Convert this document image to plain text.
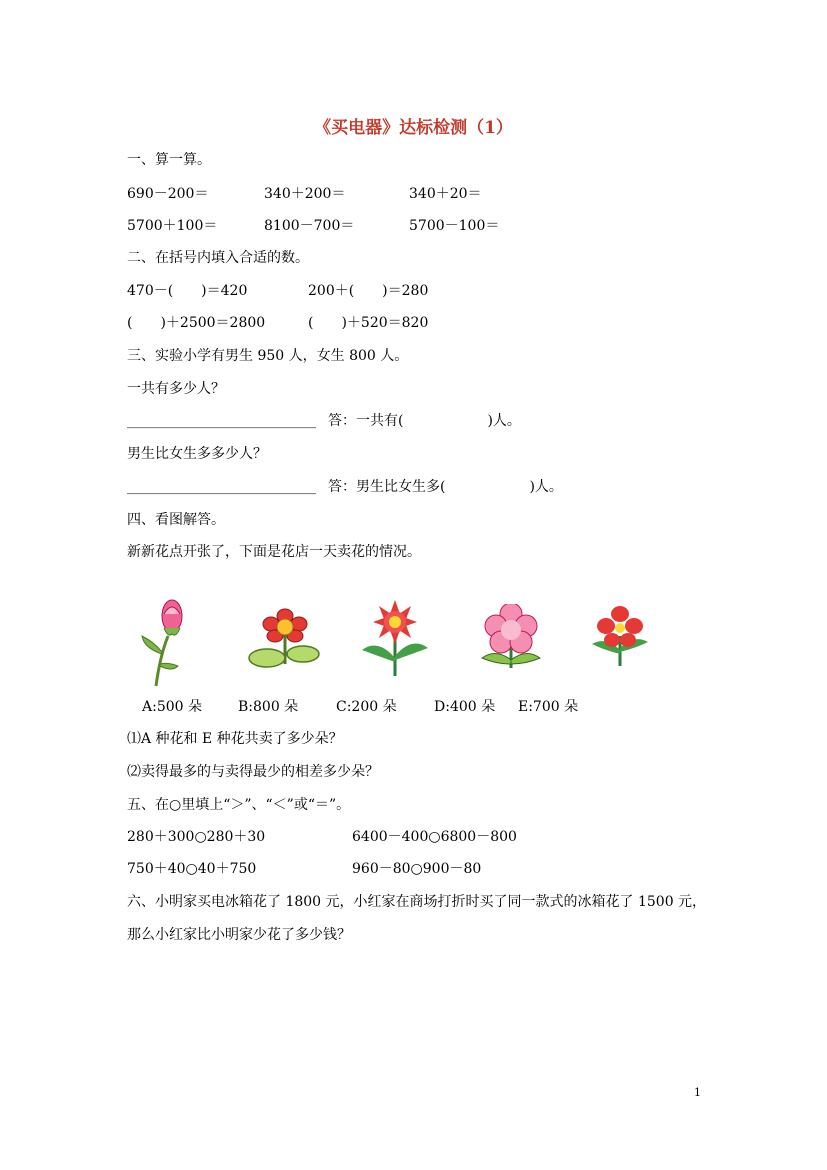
《买电器》达标检测（1）
一、算一算。
690－200＝	340＋200＝	340＋20＝
5700＋100＝	8100－700＝	5700－100＝
二、在括号内填入合适的数。
470－(　　)＝420	200＋(　　)＝280
(　　)＋2500＝2800	(　　)＋520＝820
三、实验小学有男生 950 人，女生 800 人。
一共有多少人？
___________________________ 答：一共有(　　　　　　)人。
男生比女生多多少人？
___________________________ 答：男生比女生多(　　　　　　)人。
四、看图解答。
新新花点开张了，下面是花店一天卖花的情况。
A:500 朵	B:800 朵	C:200 朵	D:400 朵 E:700 朵
⑴A 种花和 E 种花共卖了多少朵？
⑵卖得最多的与卖得最少的相差多少朵？
五、在○里填上“＞”、“＜”或“＝”。
280＋300○280＋30	6400－400○6800－800
750＋40○40＋750	960－80○900－80
六、小明家买电冰箱花了 1800 元，小红家在商场打折时买了同一款式的冰箱花了 1500 元，
那么小红家比小明家少花了多少钱？
1
